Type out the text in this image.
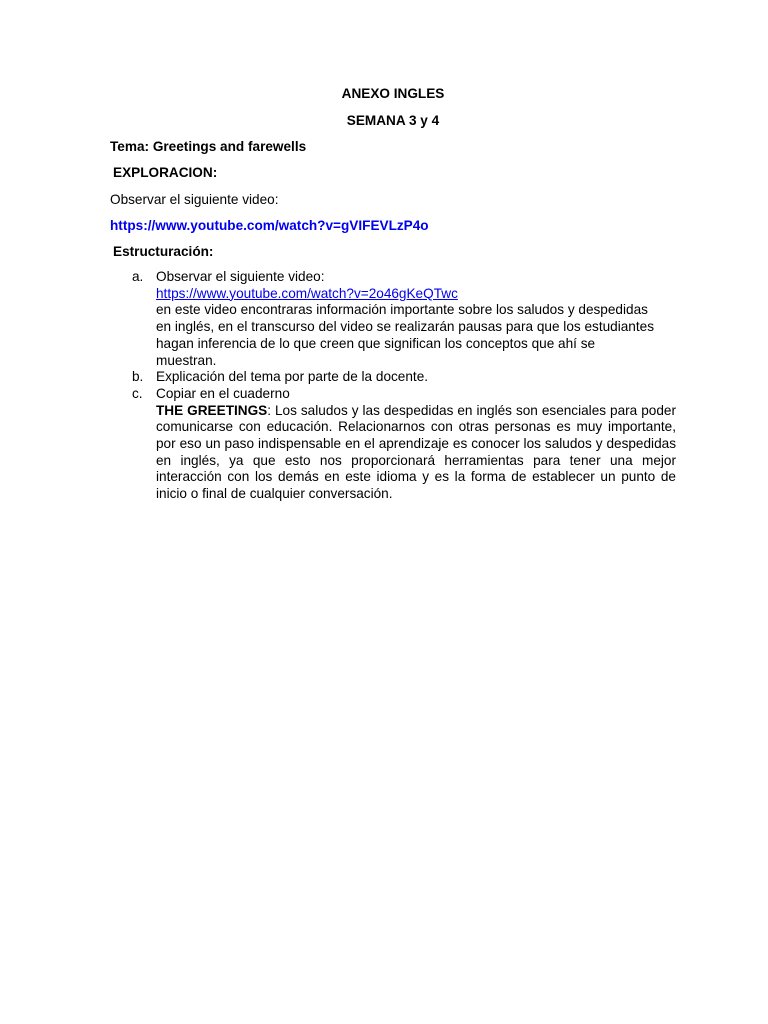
ANEXO INGLES
SEMANA 3 y 4
Tema: Greetings and farewells
EXPLORACION:
Observar el siguiente video:
https://www.youtube.com/watch?v=gVIFEVLzP4o
Estructuración:
a. Observar el siguiente video:
https://www.youtube.com/watch?v=2o46gKeQTwc
en este video encontraras información importante sobre los saludos y despedidas
en inglés, en el transcurso del video se realizarán pausas para que los estudiantes
hagan inferencia de lo que creen que significan los conceptos que ahí se
muestran.
b. Explicación del tema por parte de la docente.
c. Copiar en el cuaderno
THE GREETINGS: Los saludos y las despedidas en inglés son esenciales para poder comunicarse con educación. Relacionarnos con otras personas es muy importante, por eso un paso indispensable en el aprendizaje es conocer los saludos y despedidas en inglés, ya que esto nos proporcionará herramientas para tener una mejor interacción con los demás en este idioma y es la forma de establecer un punto de inicio o final de cualquier conversación.
